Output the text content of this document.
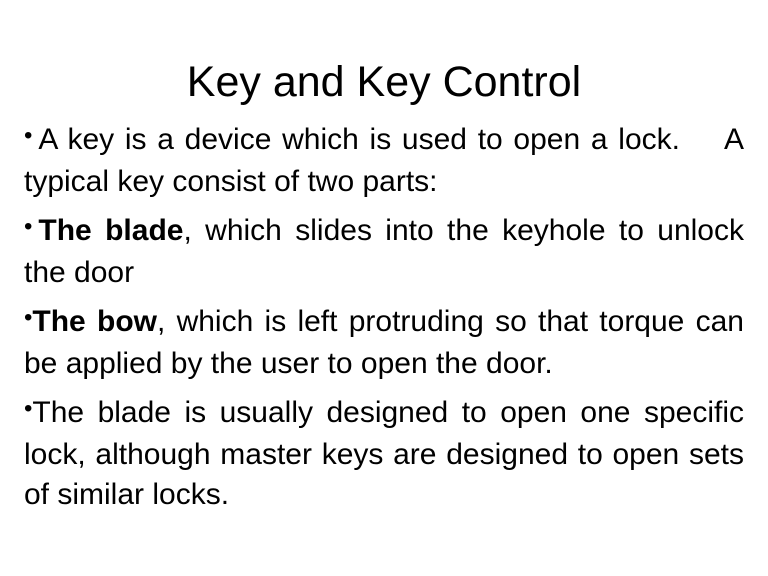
Key and Key Control
• A key is a device which is used to open a lock. A typical key consist of two parts:
• The blade, which slides into the keyhole to unlock the door
•The bow, which is left protruding so that torque can be applied by the user to open the door.
•The blade is usually designed to open one specific lock, although master keys are designed to open sets of similar locks.
